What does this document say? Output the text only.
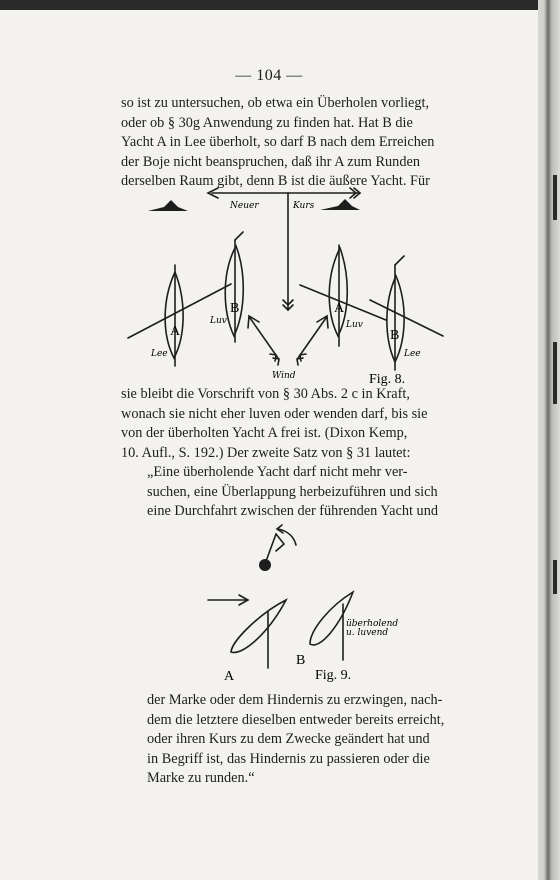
— 104 —

so ist zu untersuchen, ob etwa ein Überholen vorliegt,
oder ob § 30g Anwendung zu finden hat. Hat B die
Yacht A in Lee überholt, so darf B nach dem Erreichen
der Boje nicht beanspruchen, daß ihr A zum Runden
derselben Raum gibt, denn B ist die äußere Yacht. Für

Neuer	Kurs
Wind
A
B	A
B
Lee
Luv	Luv
Lee
Fig. 8.

sie bleibt die Vorschrift von § 30 Abs. 2 c in Kraft,
wonach sie nicht eher luven oder wenden darf, bis sie
von der überholten Yacht A frei ist. (Dixon Kemp,
10. Aufl., S. 192.) Der zweite Satz von § 31 lautet:
„Eine überholende Yacht darf nicht mehr ver-
suchen, eine Überlappung herbeizuführen und sich
eine Durchfahrt zwischen der führenden Yacht und

A
B
überholend
u. luvend
Fig. 9.

der Marke oder dem Hindernis zu erzwingen, nach-
dem die letztere dieselben entweder bereits erreicht,
oder ihren Kurs zu dem Zwecke geändert hat und
in Begriff ist, das Hindernis zu passieren oder die
Marke zu runden.“
